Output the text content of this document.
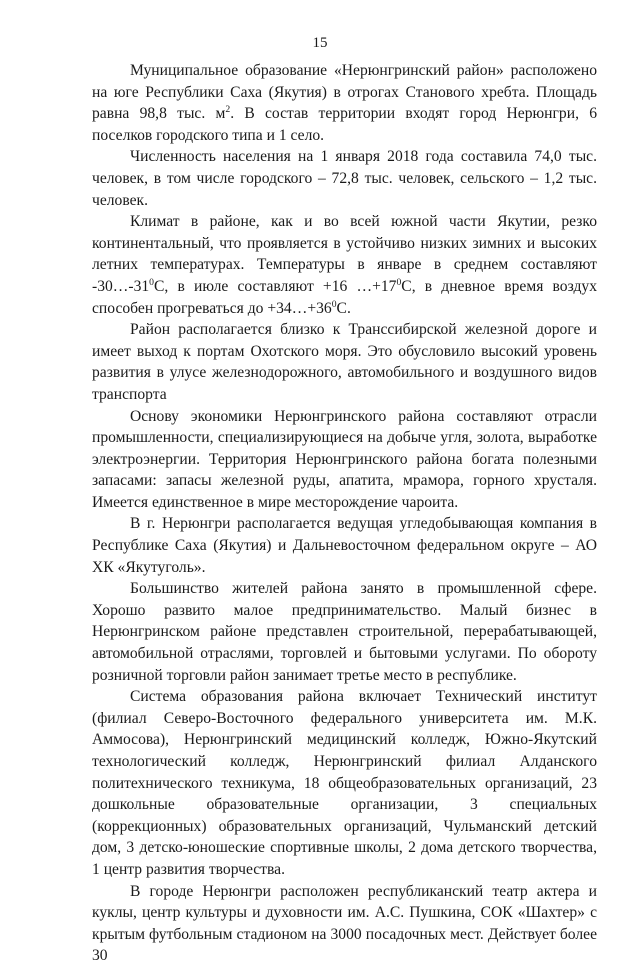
15

Муниципальное образование «Нерюнгринский район» расположено на юге Республики Саха (Якутия) в отрогах Станового хребта. Площадь равна 98,8 тыс. $м^2$. В состав территории входят город Нерюнгри, 6 поселков городского типа и 1 село.

Численность населения на 1 января 2018 года составила 74,0 тыс. человек, в том числе городского – 72,8 тыс. человек, сельского – 1,2 тыс. человек.

Климат в районе, как и во всей южной части Якутии, резко континентальный, что проявляется в устойчиво низких зимних и высоких летних температурах. Температуры в январе в среднем составляют $-30\dots-31^0С$, в июле составляют +16 $\dots+17^0С$, в дневное время воздух способен прогреваться до $+34\dots+36^0С$.

Район располагается близко к Транссибирской железной дороге и имеет выход к портам Охотского моря. Это обусловило высокий уровень развития в улусе железнодорожного, автомобильного и воздушного видов транспорта

Основу экономики Нерюнгринского района составляют отрасли промышленности, специализирующиеся на добыче угля, золота, выработке электроэнергии. Территория Нерюнгринского района богата полезными запасами: запасы железной руды, апатита, мрамора, горного хрусталя. Имеется единственное в мире месторождение чароита.

В г. Нерюнгри располагается ведущая угледобывающая компания в Республике Саха (Якутия) и Дальневосточном федеральном округе – АО ХК «Якутуголь».

Большинство жителей района занято в промышленной сфере. Хорошо развито малое предпринимательство. Малый бизнес в Нерюнгринском районе представлен строительной, перерабатывающей, автомобильной отраслями, торговлей и бытовыми услугами. По обороту розничной торговли район занимает третье место в республике.

Система образования района включает Технический институт (филиал Северо-Восточного федерального университета им. М.К. Аммосова), Нерюнгринский медицинский колледж, Южно-Якутский технологический колледж, Нерюнгринский филиал Алданского политехнического техникума, 18 общеобразовательных организаций, 23 дошкольные образовательные организации, 3 специальных (коррекционных) образовательных организаций, Чульманский детский дом, 3 детско-юношеские спортивные школы, 2 дома детского творчества, 1 центр развития творчества.

В городе Нерюнгри расположен республиканский театр актера и куклы, центр культуры и духовности им. А.С. Пушкина, СОК «Шахтер» с крытым футбольным стадионом на 3000 посадочных мест. Действует более 30
